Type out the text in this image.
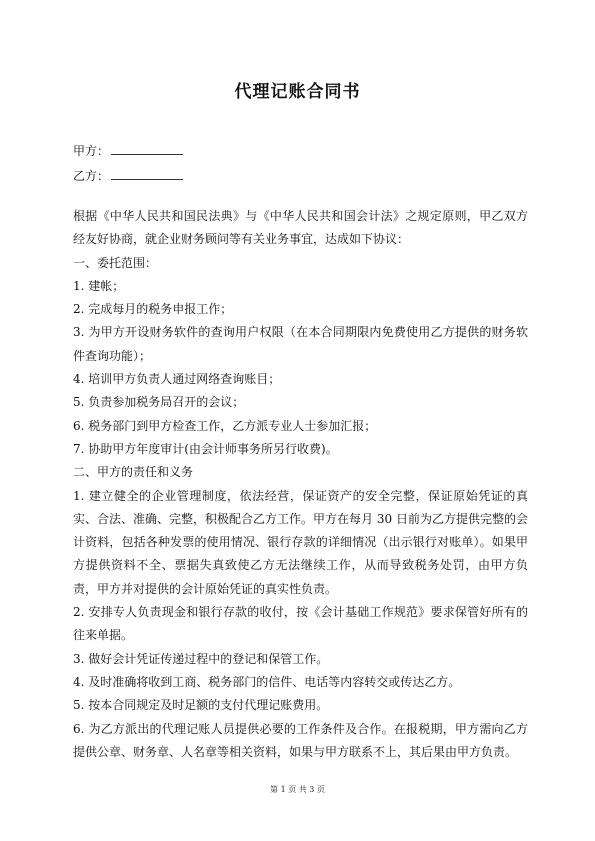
代理记账合同书
甲方：
乙方：

根据《中华人民共和国民法典》与《中华人民共和国会计法》之规定原则，甲乙双方经友好协商，就企业财务顾问等有关业务事宜，达成如下协议：

一、委托范围：

1. 建帐；

2. 完成每月的税务申报工作；

3. 为甲方开设财务软件的查询用户权限（在本合同期限内免费使用乙方提供的财务软件查询功能）；

4. 培训甲方负责人通过网络查询账目；

5. 负责参加税务局召开的会议；

6. 税务部门到甲方检查工作，乙方派专业人士参加汇报；

7. 协助甲方年度审计(由会计师事务所另行收费)。

二、甲方的责任和义务

1. 建立健全的企业管理制度，依法经营，保证资产的安全完整，保证原始凭证的真实、合法、准确、完整，积极配合乙方工作。甲方在每月 30 日前为乙方提供完整的会计资料，包括各种发票的使用情况、银行存款的详细情况（出示银行对账单）。如果甲方提供资料不全、票据失真致使乙方无法继续工作，从而导致税务处罚，由甲方负责，甲方并对提供的会计原始凭证的真实性负责。

2. 安排专人负责现金和银行存款的收付，按《会计基础工作规范》要求保管好所有的往来单据。

3. 做好会计凭证传递过程中的登记和保管工作。

4. 及时准确将收到工商、税务部门的信件、电话等内容转交或传达乙方。

5. 按本合同规定及时足额的支付代理记账费用。

6. 为乙方派出的代理记账人员提供必要的工作条件及合作。在报税期，甲方需向乙方提供公章、财务章、人名章等相关资料，如果与甲方联系不上，其后果由甲方负责。

第 1 页 共 3 页
